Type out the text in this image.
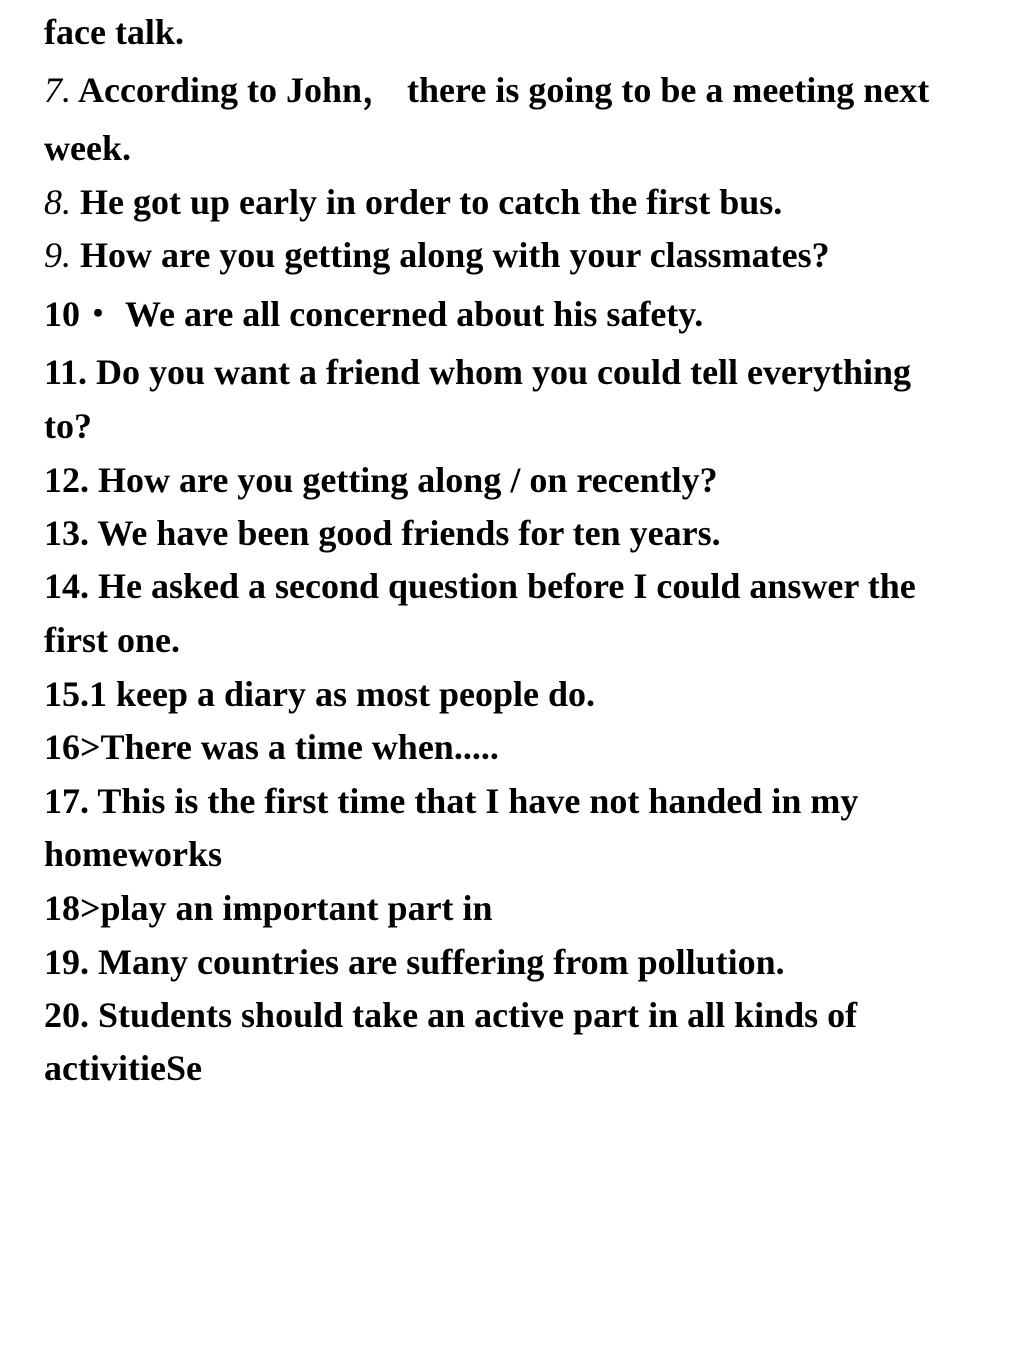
face talk.
7. According to John， there is going to be a meeting next
week.
8. He got up early in order to catch the first bus.
9. How are you getting along with your classmates?
10・ We are all concerned about his safety.
11. Do you want a friend whom you could tell everything
to?
12. How are you getting along / on recently?
13. We have been good friends for ten years.
14. He asked a second question before I could answer the
first one.
15.1 keep a diary as most people do.
16>There was a time when.....
17. This is the first time that I have not handed in my
homeworks
18>play an important part in
19. Many countries are suffering from pollution.
20. Students should take an active part in all kinds of
activitieSe
